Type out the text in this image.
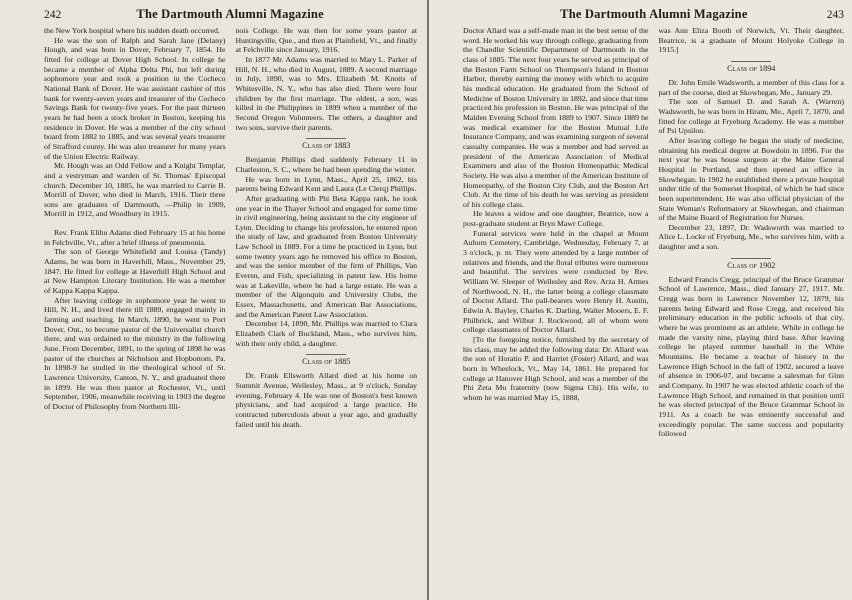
242	The Dartmouth Alumni Magazine

the New York hospital where his sudden death occurred.

He was the son of Ralph and Sarah Jane (Delany) Hough, and was born in Dover, February 7, 1854. He fitted for college at Dover High School. In college he became a member of Alpha Delta Phi, but left during sophomore year and took a position in the Cocheco National Bank of Dover. He was assistant cashier of this bank for twenty-seven years and treasurer of the Cocheco Savings Bank for twenty-five years. For the past thirteen years he had been a stock broker in Boston, keeping his residence in Dover. He was a member of the city school board from 1882 to 1885, and was several years treasurer of Strafford county. He was also treasurer for many years of the Union Electric Railway.

Mr. Hough was an Odd Fellow and a Knight Templar, and a vestryman and warden of St. Thomas' Episcopal church. December 10, 1885, he was married to Carrie B. Morrill of Dover, who died in March, 1916. Their three sons are graduates of Dartmouth, —Philip in 1909, Morrill in 1912, and Woodbury in 1915.

Rev. Frank Elihu Adams died February 15 at his home in Felchville, Vt., after a brief illness of pneumonia.

The son of George Whitefield and Louisa (Tandy) Adams, he was born in Haverhill, Mass., November 29, 1847. He fitted for college at Haverhill High School and at New Hampton Literary Institution. He was a member of Kappa Kappa Kappa.

After leaving college in sophomore year he went to Hill, N. H., and lived there till 1889, engaged mainly in farming and teaching. In March, 1890, he went to Port Dover, Ont., to become pastor of the Universalist church there, and was ordained to the ministry in the following June. From December, 1891, to the spring of 1898 he was pastor of the churches at Nicholson and Hopbottom, Pa. In 1898-9 he studied in the theological school of St. Lawrence University, Canton, N. Y., and graduated there in 1899. He was then pastor at Rochester, Vt., until September, 1906, meanwhile receiving in 1903 the degree of Doctor of Philosophy from Northern Illi-

nois College. He was then for some years pastor at Huntingville, Que., and then at Plainfield, Vt., and finally at Felchville since January, 1916.

In 1877 Mr. Adams was married to Mary L. Parker of Hill, N. H., who died in August, 1889. A second marriage in July, 1890, was to Mrs. Elizabeth M. Knotts of Whitesville, N. Y., who has also died. There were four children by the first marriage. The oldest, a son, was killed in the Philippines in 1899 when a member of the Second Oregon Volunteers. The others, a daughter and two sons, survive their parents.

Class of 1883

Benjamin Phillips died suddenly February 11 in Charleston, S. C., where he had been spending the winter.

He was born in Lynn, Mass., April 25, 1862, his parents being Edward Kent and Laura (Le Clerq) Phillips.

After graduating with Phi Beta Kappa rank, he took one year in the Thayer School and engaged for some time in civil engineering, being assistant to the city engineer of Lynn. Deciding to change his profession, he entered upon the study of law, and graduated from Boston University Law School in 1889. For a time he practiced in Lynn, but some twenty years ago he removed his office to Boston, and was the senior member of the firm of Phillips, Van Everen, and Fish, specializing in patent law. His home was at Lakeville, where he had a large estate. He was a member of the Algonquin and University Clubs, the Essex, Massachusetts, and American Bar Associations, and the American Patent Law Association.

December 14, 1890, Mr. Phillips was married to Clara Elizabeth Clark of Buckland, Mass., who survives him, with their only child, a daughter.

Class of 1885

Dr. Frank Ellsworth Allard died at his home on Summit Avenue, Wellesley, Mass., at 9 o'clock, Sunday evening, February 4. He was one of Boston's best known physicians, and had acquired a large practice. He contracted tuberculosis about a year ago, and gradually failed until his death.

The Dartmouth Alumni Magazine	243

Doctor Allard was a self-made man in the best sense of the word. He worked his way through college, graduating from the Chandler Scientific Department of Dartmouth in the class of 1885. The next four years he served as principal of the Boston Farm School on Thompson's Island in Boston Harbor, thereby earning the money with which to acquire his medical education. He graduated from the School of Medicine of Boston University in 1892, and since that time practiced his profession in Boston. He was principal of the Malden Evening School from 1889 to 1907. Since 1889 he was medical examiner for the Boston Mutual Life Insurance Company, and was examining surgeon of several casualty companies. He was a member and had served as president of the American Association of Medical Examiners and also of the Boston Homeopathic Medical Society. He was also a member of the American Institute of Homeopathy, of the Boston City Club, and the Boston Art Club. At the time of his death he was serving as president of his college class.

He leaves a widow and one daughter, Beatrice, now a post-graduate student at Bryn Mawr College.

Funeral services were held in the chapel at Mount Auburn Cemetery, Cambridge, Wednesday, February 7, at 3 o'clock, p. m. They were attended by a large number of relatives and friends, and the floral tributes were numerous and beautiful. The services were conducted by Rev. William W. Sleeper of Wellesley and Rev. Arza H. Armes of Northwood, N. H., the latter being a college classmate of Doctor Allard. The pall-bearers were Henry H. Austin, Edwin A. Bayley, Charles K. Darling, Walter Mooers, E. F. Philbrick, and Wilbur J. Rockwood, all of whom were college classmates of Doctor Allard.

[To the foregoing notice, furnished by the secretary of his class, may be added the following data: Dr. Allard was the son of Horatio P. and Harriet (Foster) Allard, and was born in Wheelock, Vt., May 14, 1861. He prepared for college at Hanover High School, and was a member of the Phi Zeta Mu fraternity (now Sigma Chi). His wife, to whom he was married May 15, 1888,

was Ann Eliza Booth of Norwich, Vt. Their daughter, Beatrice, is a graduate of Mount Holyoke College in 1915.]

Class of 1894

Dr. John Emile Wadsworth, a member of this class for a part of the course, died at Skowhegan, Me., January 29.

The son of Samuel D. and Sarah A. (Warren) Wadsworth, he was born in Hiram, Me., April 7, 1870, and fitted for college at Fryeburg Academy. He was a member of Psi Upsilon.

After leaving college he began the study of medicine, obtaining his medical degree at Bowdoin in 1896. For the next year he was house surgeon at the Maine General Hospital in Portland, and then opened an office in Skowhegan. In 1902 he established there a private hospital under title of the Somerset Hospital, of which he had since been superintendent. He was also official physician of the State Woman's Reformatory at Skowhegan, and chairman of the Maine Board of Registration for Nurses.

December 23, 1897, Dr. Wadsworth was married to Alice L. Locke of Fryeburg, Me., who survives him, with a daughter and a son.

Class of 1902

Edward Francis Cregg, principal of the Bruce Grammar School of Lawrence, Mass., died January 27, 1917. Mr. Cregg was born in Lawrence November 12, 1879, his parents being Edward and Rose Cregg, and received his preliminary education in the public schools of that city, where he was prominent as an athlete. While in college he made the varsity nine, playing third base. After leaving college he played summer baseball in the White Mountains. He became a teacher of history in the Lawrence High School in the fall of 1902, secured a leave of absence in 1906-07, and became a salesman for Ginn and Company. In 1907 he was elected athletic coach of the Lawrence High School, and remained in that position until he was elected principal of the Bruce Grammar School in 1911. As a coach he was eminently successful and exceedingly popular. The same success and popularity followed
